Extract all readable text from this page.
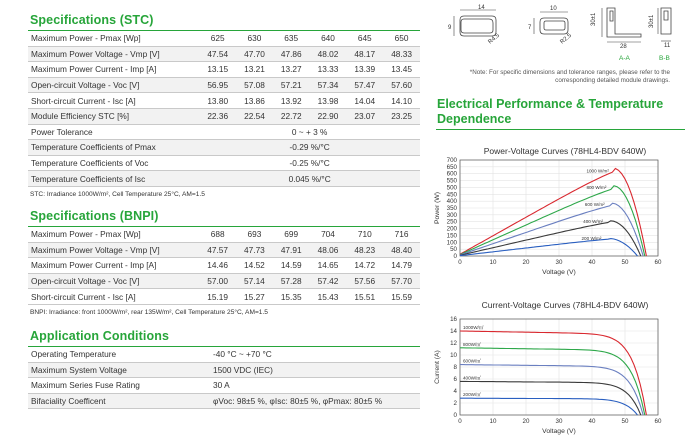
Specifications (STC)
Maximum Power - Pmax [Wp]	625	630	635	640	645	650
Maximum Power Voltage - Vmp [V]	47.54	47.70	47.86	48.02	48.17	48.33
Maximum Power Current - Imp [A]	13.15	13.21	13.27	13.33	13.39	13.45
Open-circuit Voltage - Voc [V]	56.95	57.08	57.21	57.34	57.47	57.60
Short-circuit Current - Isc [A]	13.80	13.86	13.92	13.98	14.04	14.10
Module Efficiency STC [%]	22.36	22.54	22.72	22.90	23.07	23.25
Power Tolerance	0 ~ + 3 %					
Temperature Coefficients of Pmax	-0.29 %/°C					
Temperature Coefficients of Voc	-0.25 %/°C					
Temperature Coefficients of Isc	0.045 %/°C					
STC: Irradiance 1000W/m², Cell Temperature 25°C, AM=1.5
Specifications (BNPI)
Maximum Power - Pmax [Wp]	688	693	699	704	710	716
Maximum Power Voltage - Vmp [V]	47.57	47.73	47.91	48.06	48.23	48.40
Maximum Power Current - Imp [A]	14.46	14.52	14.59	14.65	14.72	14.79
Open-circuit Voltage - Voc [V]	57.00	57.14	57.28	57.42	57.56	57.70
Short-circuit Current - Isc [A]	15.19	15.27	15.35	15.43	15.51	15.59
BNPI: Irradiance: front 1000W/m², rear 135W/m², Cell Temperature 25°C, AM=1.5
Application Conditions
Operating Temperature	-40 °C ~ +70 °C
Maximum System Voltage	1500 VDC (IEC)
Maximum Series Fuse Rating	30 A
Bifaciality Coefficent	φVoc: 98±5 %, φIsc: 80±5 %, φPmax: 80±5 %
14
9
R4.5
10
7
R2.5
30±1
28
A-A
30±1
11
B-B
*Note: For specific dimensions and tolerance ranges, please refer to the corresponding detailed module drawings.
Electrical Performance & Temperature
Dependence
Power-Voltage Curves (78HL4-BDV 640W)
0	10	20	30	40	50	60
0
50
100
150
200
250
300
350
400
450
500
550
600
650
700
Voltage (V)
Power (W)
1000 W/m²
800 W/m²
600 W/m²
400 W/m²
200 W/m²
Current-Voltage Curves (78HL4-BDV 640W)
0	10	20	30	40	50	60
0
2
4
6
8
10
12
14
16
Voltage (V)
Current (A)
1000W/㎡
800W/㎡
600W/㎡
400W/㎡
200W/㎡
